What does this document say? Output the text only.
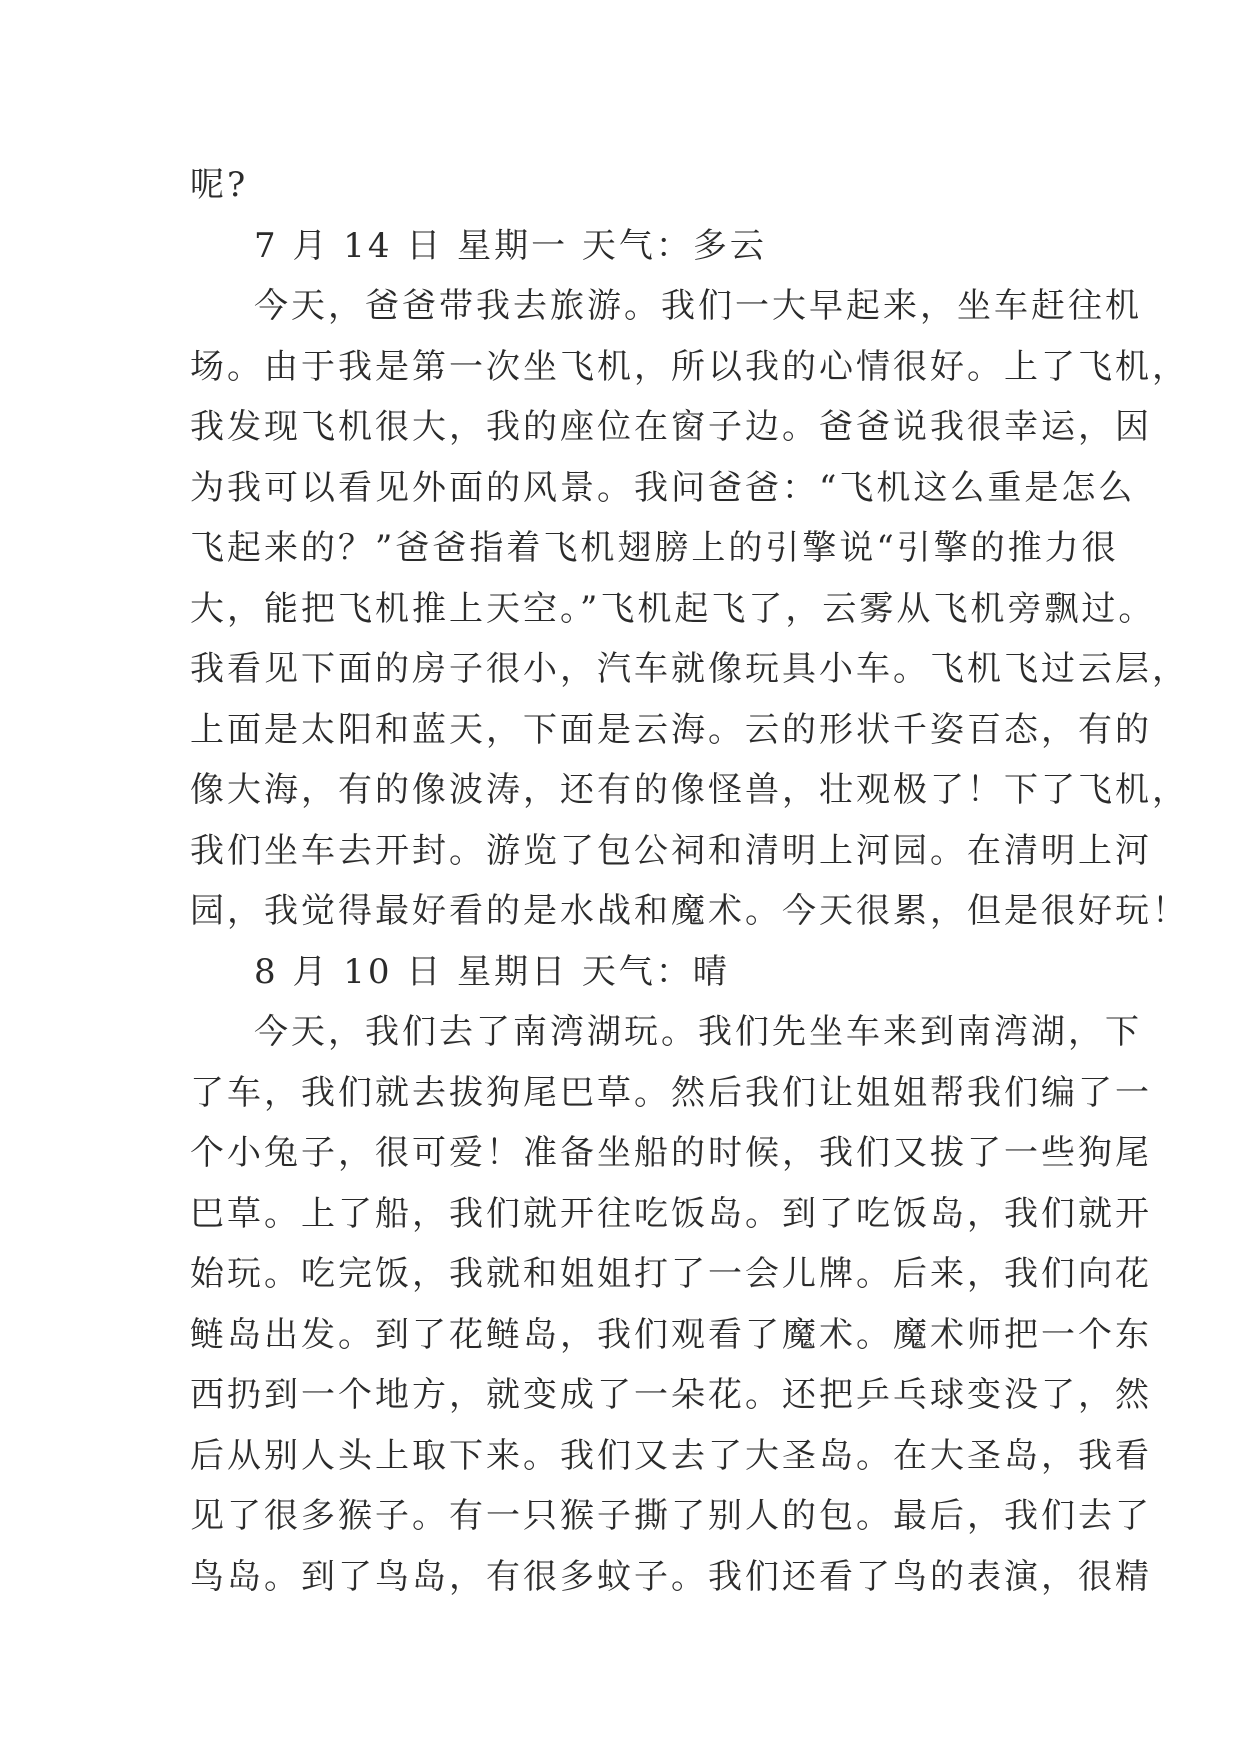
呢?
7 月 14 日 星期一 天气：多云
今天，爸爸带我去旅游。我们一大早起来，坐车赶往机
场。由于我是第一次坐飞机，所以我的心情很好。上了飞机，
我发现飞机很大，我的座位在窗子边。爸爸说我很幸运，因
为我可以看见外面的风景。我问爸爸：“飞机这么重是怎么
飞起来的？”爸爸指着飞机翅膀上的引擎说“引擎的推力很
大，能把飞机推上天空。”飞机起飞了，云雾从飞机旁飘过。
我看见下面的房子很小，汽车就像玩具小车。飞机飞过云层，
上面是太阳和蓝天，下面是云海。云的形状千姿百态，有的
像大海，有的像波涛，还有的像怪兽，壮观极了！下了飞机，
我们坐车去开封。游览了包公祠和清明上河园。在清明上河
园，我觉得最好看的是水战和魔术。今天很累，但是很好玩！
8 月 10 日 星期日 天气：晴
今天，我们去了南湾湖玩。我们先坐车来到南湾湖，下
了车，我们就去拔狗尾巴草。然后我们让姐姐帮我们编了一
个小兔子，很可爱！准备坐船的时候，我们又拔了一些狗尾
巴草。上了船，我们就开往吃饭岛。到了吃饭岛，我们就开
始玩。吃完饭，我就和姐姐打了一会儿牌。后来，我们向花
鲢岛出发。到了花鲢岛，我们观看了魔术。魔术师把一个东
西扔到一个地方，就变成了一朵花。还把乒乓球变没了，然
后从别人头上取下来。我们又去了大圣岛。在大圣岛，我看
见了很多猴子。有一只猴子撕了别人的包。最后，我们去了
鸟岛。到了鸟岛，有很多蚊子。我们还看了鸟的表演，很精
